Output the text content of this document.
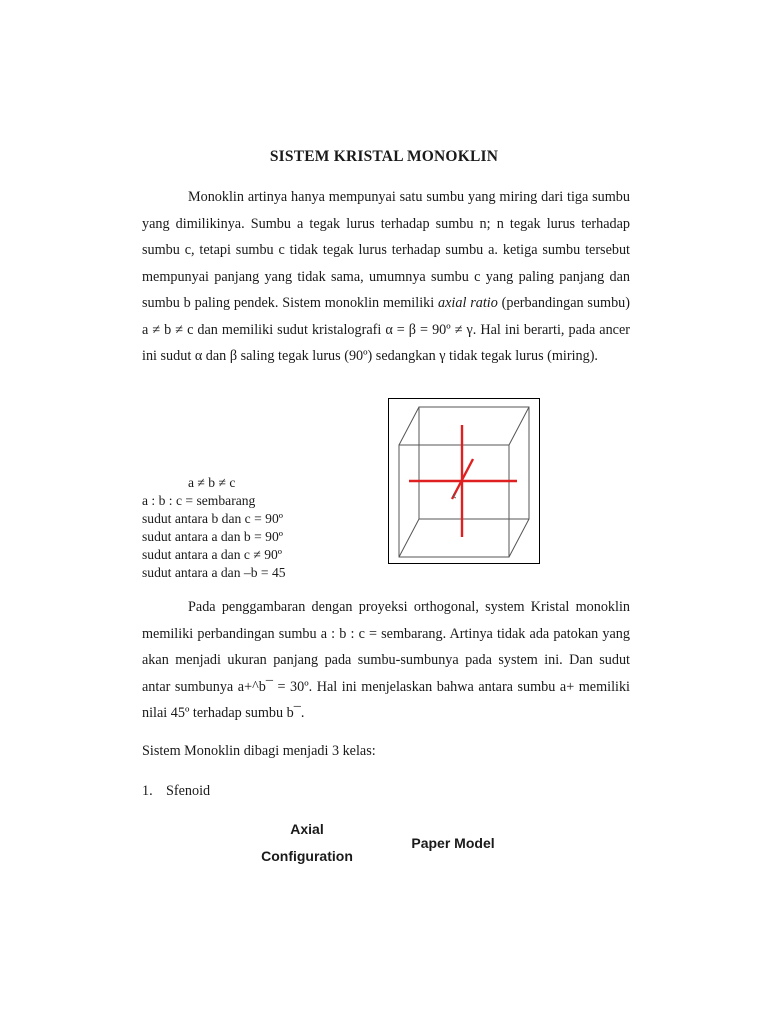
SISTEM KRISTAL MONOKLIN
Monoklin artinya hanya mempunyai satu sumbu yang miring dari tiga sumbu yang dimilikinya. Sumbu a tegak lurus terhadap sumbu n; n tegak lurus terhadap sumbu c, tetapi sumbu c tidak tegak lurus terhadap sumbu a. ketiga sumbu tersebut mempunyai panjang yang tidak sama, umumnya sumbu c yang paling panjang dan sumbu b paling pendek. Sistem monoklin memiliki axial ratio (perbandingan sumbu) a ≠ b ≠ c dan memiliki sudut kristalografi α = β = 90º ≠ γ. Hal ini berarti, pada ancer ini sudut α dan β saling tegak lurus (90º) sedangkan γ tidak tegak lurus (miring).
a ≠ b ≠ c
a : b : c = sembarang
sudut antara b dan c = 90º
sudut antara a dan b = 90º
sudut antara a dan c ≠ 90º
sudut antara a dan –b = 45
Pada penggambaran dengan proyeksi orthogonal, system Kristal monoklin memiliki perbandingan sumbu a : b : c = sembarang. Artinya tidak ada patokan yang akan menjadi ukuran panjang pada sumbu-sumbunya pada system ini. Dan sudut antar sumbunya a+^b¯ = 30º. Hal ini menjelaskan bahwa antara sumbu a+ memiliki nilai 45º terhadap sumbu b¯.
Sistem Monoklin dibagi menjadi 3 kelas:
1. Sfenoid
Axial
Configuration
Paper Model
